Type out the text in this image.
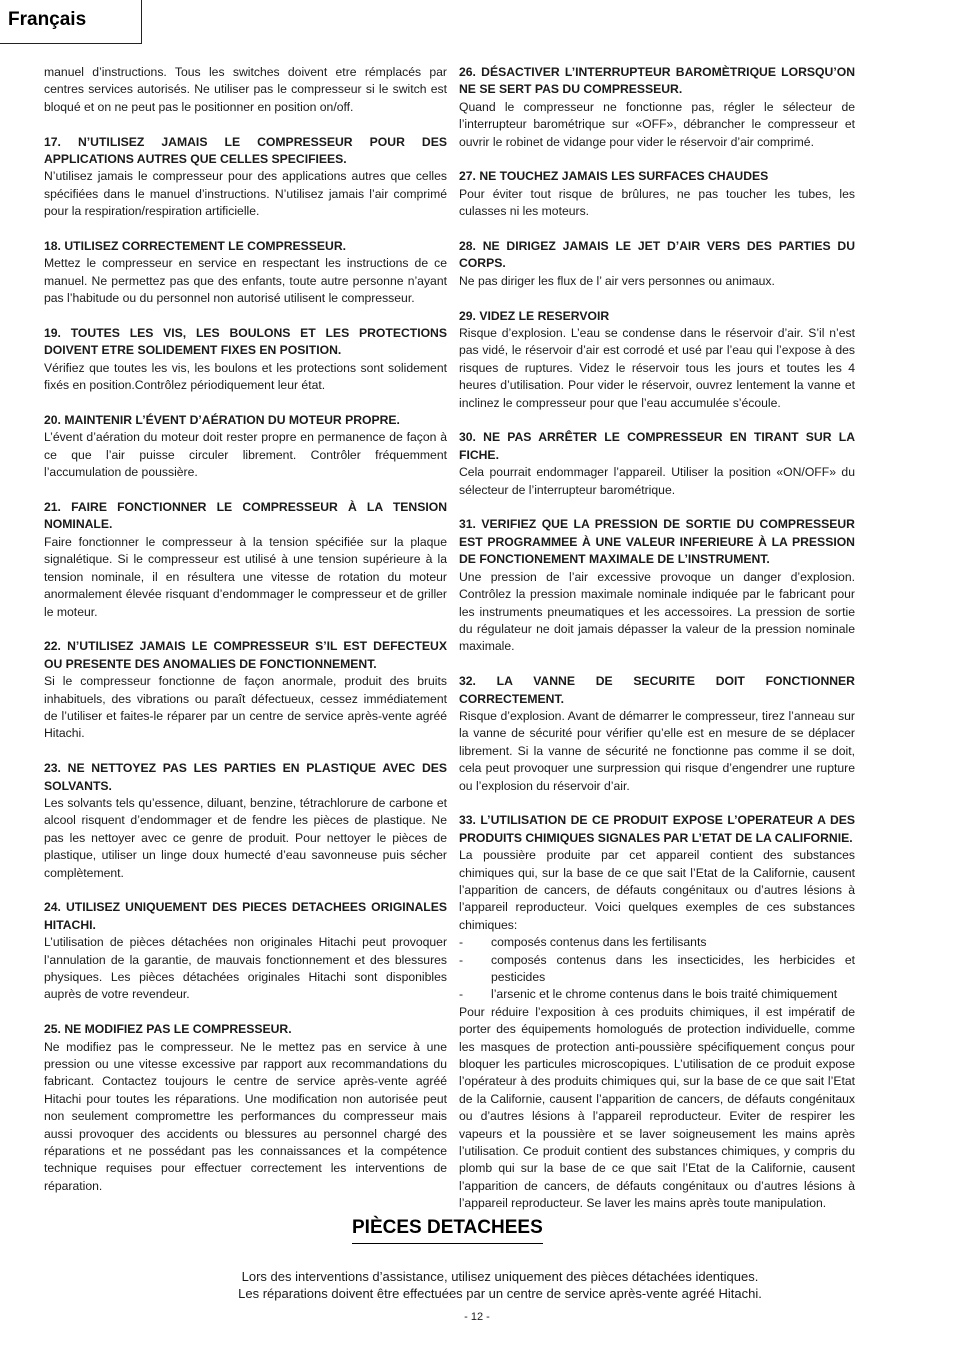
Français

manuel d’instructions. Tous les switches doivent etre rémplacés par centres services autorisés. Ne utiliser pas le compresseur si le switch est bloqué et on ne peut pas le positionner en position on/off.

17. N’UTILISEZ JAMAIS LE COMPRESSEUR POUR DES APPLICATIONS AUTRES QUE CELLES SPECIFIEES.

N’utilisez jamais le compresseur pour des applications autres que celles spécifiées dans le manuel d’instructions. N’utilisez jamais l’air comprimé pour la respiration/respiration artificielle.

18. UTILISEZ CORRECTEMENT LE COMPRESSEUR.

Mettez le compresseur en service en respectant les instructions de ce manuel. Ne permettez pas que des enfants, toute autre personne n’ayant pas l’habitude ou du personnel non autorisé utilisent le compresseur.

19. TOUTES LES VIS, LES BOULONS ET LES PROTECTIONS DOIVENT ETRE SOLIDEMENT FIXES EN POSITION.

Vérifiez que toutes les vis, les boulons et les protections sont solidement fixés en position.Contrôlez périodiquement leur état.

20. MAINTENIR L’ÉVENT D’AÉRATION DU MOTEUR PROPRE.

L’évent d’aération du moteur doit rester propre en permanence de façon à ce que l’air puisse circuler librement. Contrôler fréquemment l’accumulation de poussière.

21. FAIRE FONCTIONNER LE COMPRESSEUR À LA TENSION NOMINALE.

Faire fonctionner le compresseur à la tension spécifiée sur la plaque signalétique. Si le compresseur est utilisé à une tension supérieure à la tension nominale, il en résultera une vitesse de rotation du moteur anormalement élevée risquant d’endommager le compresseur et de griller le moteur.

22. N’UTILISEZ JAMAIS LE COMPRESSEUR S’IL EST DEFECTEUX OU PRESENTE DES ANOMALIES DE FONCTIONNEMENT.

Si le compresseur fonctionne de façon anormale, produit des bruits inhabituels, des vibrations ou paraît défectueux, cessez immédiatement de l’utiliser et faites-le réparer par un centre de service après-vente agréé Hitachi.

23. NE NETTOYEZ PAS LES PARTIES EN PLASTIQUE AVEC DES SOLVANTS.

Les solvants tels qu’essence, diluant, benzine, tétrachlorure de carbone et alcool risquent d’endommager et de fendre les pièces de plastique. Ne pas les nettoyer avec ce genre de produit. Pour nettoyer le pièces de plastique, utiliser un linge doux humecté d’eau savonneuse puis sécher complètement.

24. UTILISEZ UNIQUEMENT DES PIECES DETACHEES ORIGINALES HITACHI.

L’utilisation de pièces détachées non originales Hitachi peut provoquer l’annulation de la garantie, de mauvais fonctionnement et des blessures physiques. Les pièces détachées originales Hitachi sont disponibles auprès de votre revendeur.

25. NE MODIFIEZ PAS LE COMPRESSEUR.

Ne modifiez pas le compresseur. Ne le mettez pas en service à une pression ou une vitesse excessive par rapport aux recommandations du fabricant. Contactez toujours le centre de service après-vente agréé Hitachi pour toutes les réparations. Une modification non autorisée peut non seulement compromettre les performances du compresseur mais aussi provoquer des accidents ou blessures au personnel chargé des réparations et ne possédant pas les connaissances et la compétence technique requises pour effectuer correctement les interventions de réparation.

26. DÉSACTIVER L’INTERRUPTEUR BAROMÈTRIQUE LORSQU’ON NE SE SERT PAS DU COMPRESSEUR.

Quand le compresseur ne fonctionne pas, régler le sélecteur de l’interrupteur barométrique sur «OFF», débrancher le compresseur et ouvrir le robinet de vidange pour vider le réservoir d’air comprimé.

27. NE TOUCHEZ JAMAIS LES SURFACES CHAUDES

Pour éviter tout risque de brûlures, ne pas toucher les tubes, les culasses ni les moteurs.

28. NE DIRIGEZ JAMAIS LE JET D’AIR VERS DES PARTIES DU CORPS.

Ne pas diriger les flux de l’ air vers personnes ou animaux.

29. VIDEZ LE RESERVOIR

Risque d’explosion. L’eau se condense dans le réservoir d’air. S’il n’est pas vidé, le réservoir d’air est corrodé et usé par l’eau qui l’expose à des risques de ruptures. Videz le réservoir tous les jours et toutes les 4 heures d’utilisation. Pour vider le réservoir, ouvrez lentement la vanne et inclinez le compresseur pour que l’eau accumulée s’écoule.

30. NE PAS ARRÊTER LE COMPRESSEUR EN TIRANT SUR LA FICHE.

Cela pourrait endommager l’appareil. Utiliser la position «ON/OFF» du sélecteur de l’interrupteur barométrique.

31. VERIFIEZ QUE LA PRESSION DE SORTIE DU COMPRESSEUR EST PROGRAMMEE À UNE VALEUR INFERIEURE À LA PRESSION DE FONCTIONEMENT MAXIMALE DE L’INSTRUMENT.

Une pression de l’air excessive provoque un danger d’explosion. Contrôlez la pression maximale nominale indiquée par le fabricant pour les instruments pneumatiques et les accessoires. La pression de sortie du régulateur ne doit jamais dépasser la valeur de la pression nominale maximale.

32. LA VANNE DE SECURITE DOIT FONCTIONNER CORRECTEMENT.

Risque d’explosion. Avant de démarrer le compresseur, tirez l’anneau sur la vanne de sécurité pour vérifier qu’elle est en mesure de se déplacer librement. Si la vanne de sécurité ne fonctionne pas comme il se doit, cela peut provoquer une surpression qui risque d’engendrer une rupture ou l’explosion du réservoir d’air.

33. L’UTILISATION DE CE PRODUIT EXPOSE L’OPERATEUR A DES PRODUITS CHIMIQUES SIGNALES PAR L’ETAT DE LA CALIFORNIE.

La poussière produite par cet appareil contient des substances chimiques qui, sur la base de ce que sait l’Etat de la Californie, causent l’apparition de cancers, de défauts congénitaux ou d’autres lésions à l’appareil reproducteur. Voici quelques exemples de ces substances chimiques:

-	composés contenus dans les fertilisants
-	composés contenus dans les insecticides, les herbicides et pesticides
-	l’arsenic et le chrome contenus dans le bois traité chimiquement

Pour réduire l’exposition à ces produits chimiques, il est impératif de porter des équipements homologués de protection individuelle, comme les masques de protection anti-poussière spécifiquement conçus pour bloquer les particules microscopiques. L’utilisation de ce produit expose l’opérateur à des produits chimiques qui, sur la base de ce que sait l’Etat de la Californie, causent l’apparition de cancers, de défauts congénitaux ou d’autres lésions à l’appareil reproducteur. Eviter de respirer les vapeurs et la poussière et se laver soigneusement les mains après l’utilisation. Ce produit contient des substances chimiques, y compris du plomb qui sur la base de ce que sait l’Etat de la Californie, causent l’apparition de cancers, de défauts congénitaux ou d’autres lésions à l’appareil reproducteur. Se laver les mains après toute manipulation.

PIÈCES DETACHEES
Lors des interventions d’assistance, utilisez uniquement des pièces détachées identiques.
Les réparations doivent être effectuées par un centre de service après-vente agréé Hitachi.
- 12 -
